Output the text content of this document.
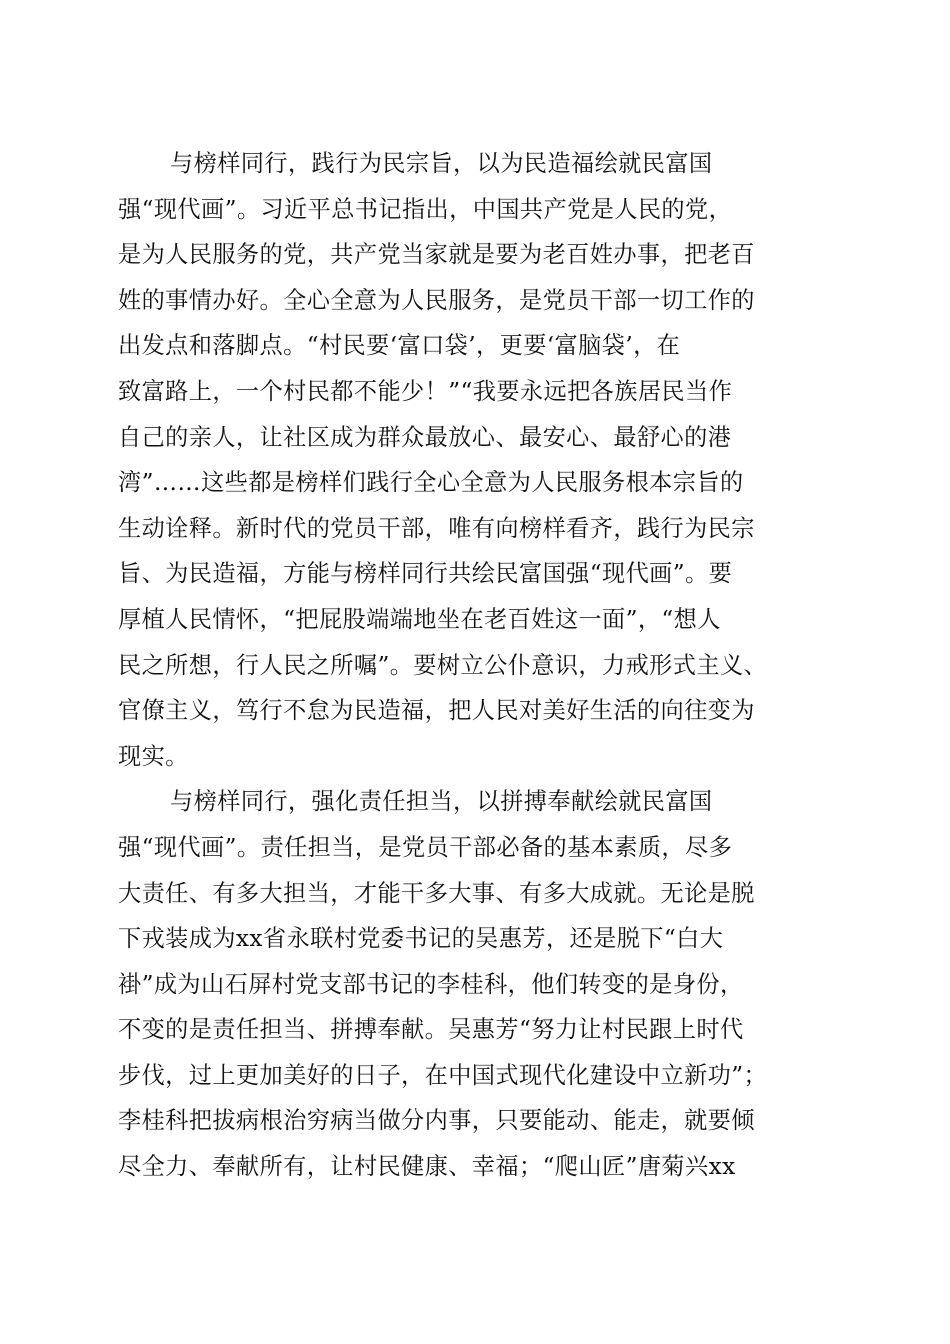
与榜样同行，践行为民宗旨，以为民造福绘就民富国
强“现代画”。习近平总书记指出，中国共产党是人民的党，
是为人民服务的党，共产党当家就是要为老百姓办事，把老百
姓的事情办好。全心全意为人民服务，是党员干部一切工作的
出发点和落脚点。“村民要‘富口袋’，更要‘富脑袋’，在
致富路上，一个村民都不能少！”“我要永远把各族居民当作
自己的亲人，让社区成为群众最放心、最安心、最舒心的港
湾”……这些都是榜样们践行全心全意为人民服务根本宗旨的
生动诠释。新时代的党员干部，唯有向榜样看齐，践行为民宗
旨、为民造福，方能与榜样同行共绘民富国强“现代画”。要
厚植人民情怀，“把屁股端端地坐在老百姓这一面”，“想人
民之所想，行人民之所嘱”。要树立公仆意识，力戒形式主义、
官僚主义，笃行不怠为民造福，把人民对美好生活的向往变为
现实。
与榜样同行，强化责任担当，以拼搏奉献绘就民富国
强“现代画”。责任担当，是党员干部必备的基本素质，尽多
大责任、有多大担当，才能干多大事、有多大成就。无论是脱
下戎装成为xx省永联村党委书记的吴惠芳，还是脱下“白大
褂”成为山石屏村党支部书记的李桂科，他们转变的是身份，
不变的是责任担当、拼搏奉献。吴惠芳“努力让村民跟上时代
步伐，过上更加美好的日子，在中国式现代化建设中立新功”；
李桂科把拔病根治穷病当做分内事，只要能动、能走，就要倾
尽全力、奉献所有，让村民健康、幸福；“爬山匠”唐菊兴xx
